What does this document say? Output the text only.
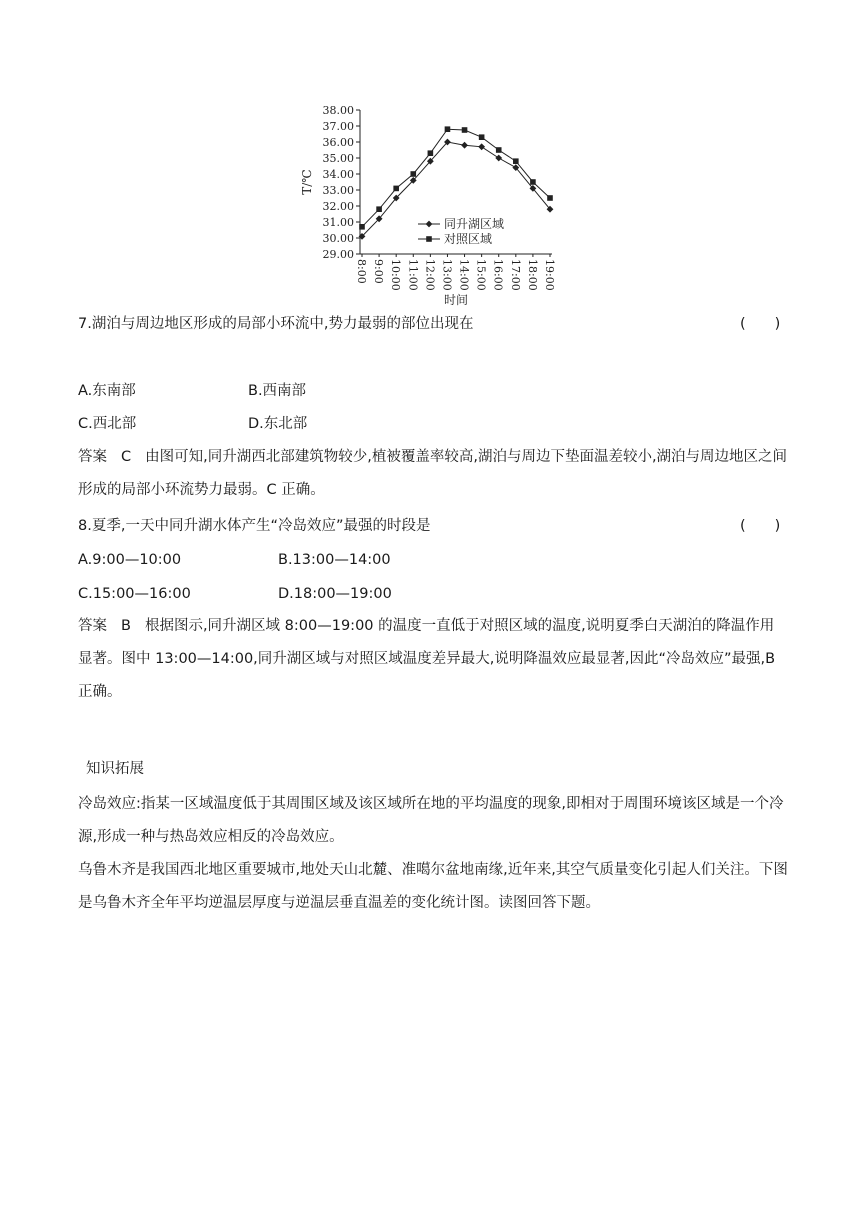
29.00
30.00
31.00
32.00
33.00
34.00
35.00
36.00
37.00
38.00
8:00 9:00 10:00 11:00 12:00 13:00 14:00 15:00 16:00 17:00 18:00 19:00
T/℃
时间
同升湖区域
对照区域
7.湖泊与周边地区形成的局部小环流中,势力最弱的部位出现在	(　　)
A.东南部	B.西南部
C.西北部	D.东北部
答案 C 由图可知,同升湖西北部建筑物较少,植被覆盖率较高,湖泊与周边下垫面温差较小,湖泊与周边地区之间形成的局部小环流势力最弱。C 正确。
8.夏季,一天中同升湖水体产生“冷岛效应”最强的时段是	(　　)
A.9:00—10:00	B.13:00—14:00
C.15:00—16:00	D.18:00—19:00
答案 B 根据图示,同升湖区域 8:00—19:00 的温度一直低于对照区域的温度,说明夏季白天湖泊的降温作用显著。图中 13:00—14:00,同升湖区域与对照区域温度差异最大,说明降温效应最显著,因此“冷岛效应”最强,B 正确。
知识拓展
冷岛效应:指某一区域温度低于其周围区域及该区域所在地的平均温度的现象,即相对于周围环境该区域是一个冷源,形成一种与热岛效应相反的冷岛效应。
乌鲁木齐是我国西北地区重要城市,地处天山北麓、准噶尔盆地南缘,近年来,其空气质量变化引起人们关注。下图是乌鲁木齐全年平均逆温层厚度与逆温层垂直温差的变化统计图。读图回答下题。
